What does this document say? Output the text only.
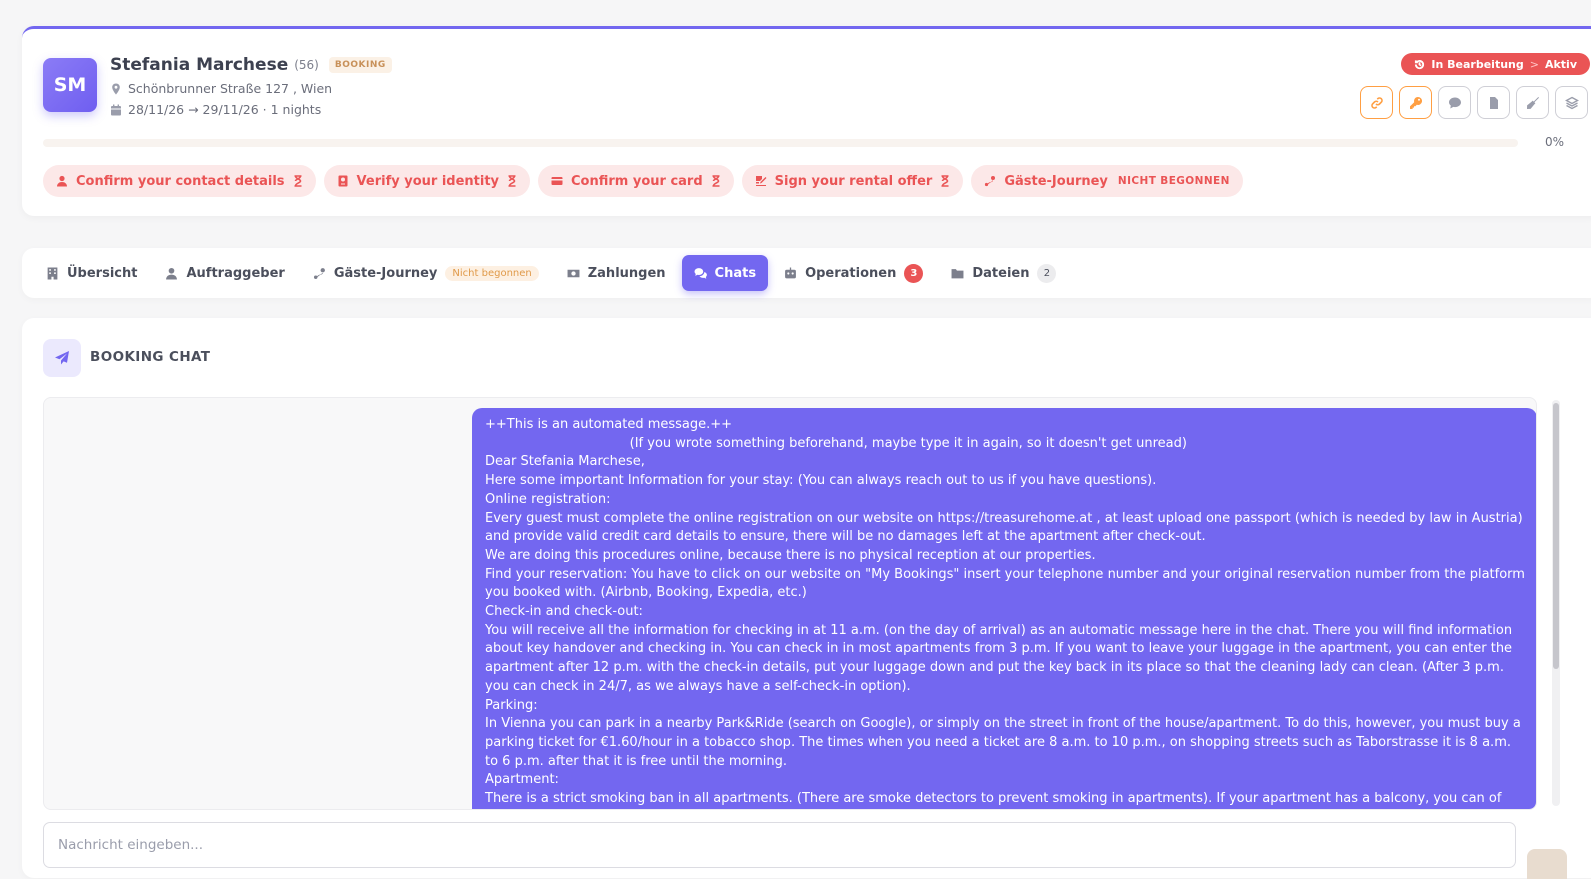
SM
Stefania Marchese (56)	BOOKING
Schönbrunner Straße 127 , Wien
28/11/26 → 29/11/26 · 1 nights
In Bearbeitung > Aktiv
0%
Confirm your contact details	Verify your identity	Confirm your card	Sign your rental offer	Gäste-Journey NICHT BEGONNEN
Übersicht	Auftraggeber	Gäste-Journey	Nicht begonnen	Zahlungen	Chats	Operationen	3	Dateien	2
BOOKING CHAT

++This is an automated message.++
(If you wrote something beforehand, maybe type it in again, so it doesn't get unread)
Dear Stefania Marchese,
Here some important Information for your stay: (You can always reach out to us if you have questions).
Online registration:
Every guest must complete the online registration on our website on https://treasurehome.at , at least upload one passport (which is needed by law in Austria) and provide valid credit card details to ensure, there will be no damages left at the apartment after check-out.
We are doing this procedures online, because there is no physical reception at our properties.
Find your reservation: You have to click on our website on "My Bookings" insert your telephone number and your original reservation number from the platform you booked with. (Airbnb, Booking, Expedia, etc.)
Check-in and check-out:
You will receive all the information for checking in at 11 a.m. (on the day of arrival) as an automatic message here in the chat. There you will find information about key handover and checking in. You can check in in most apartments from 3 p.m. If you want to leave your luggage in the apartment, you can enter the apartment after 12 p.m. with the check-in details, put your luggage down and put the key back in its place so that the cleaning lady can clean. (After 3 p.m. you can check in 24/7, as we always have a self-check-in option).
Parking:
In Vienna you can park in a nearby Park&Ride (search on Google), or simply on the street in front of the house/apartment. To do this, however, you must buy a parking ticket for €1.60/hour in a tobacco shop. The times when you need a ticket are 8 a.m. to 10 p.m., on shopping streets such as Taborstrasse it is 8 a.m. to 6 p.m. after that it is free until the morning.
Apartment:
There is a strict smoking ban in all apartments. (There are smoke detectors to prevent smoking in apartments). If your apartment has a balcony, you can of

Nachricht eingeben...
